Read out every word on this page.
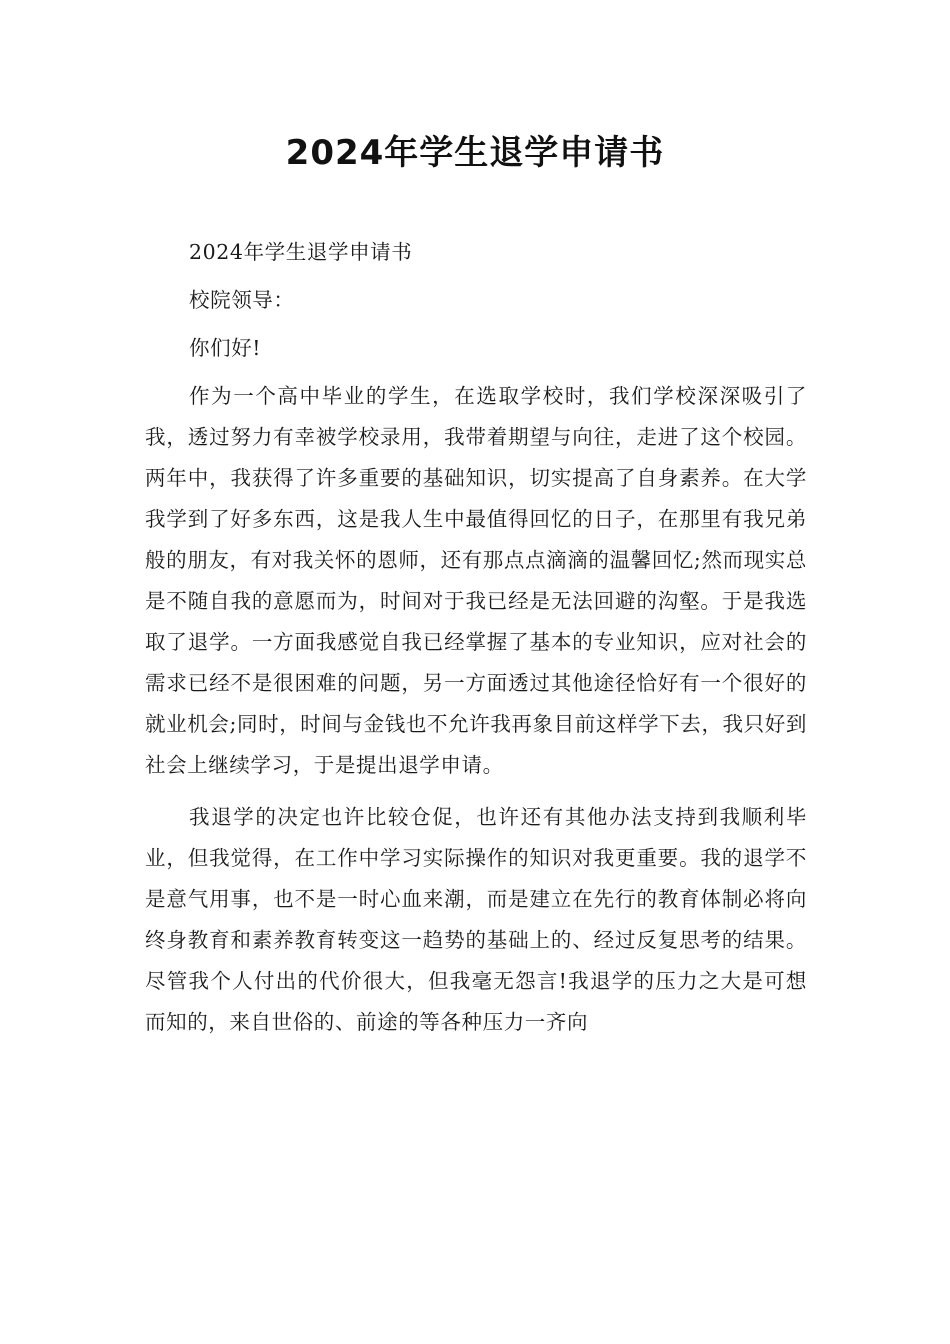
2024年学生退学申请书

2024年学生退学申请书

校院领导：

你们好!

作为一个高中毕业的学生，在选取学校时，我们学校深深吸引了我，透过努力有幸被学校录用，我带着期望与向往，走进了这个校园。两年中，我获得了许多重要的基础知识，切实提高了自身素养。在大学我学到了好多东西，这是我人生中最值得回忆的日子，在那里有我兄弟般的朋友，有对我关怀的恩师，还有那点点滴滴的温馨回忆;然而现实总是不随自我的意愿而为，时间对于我已经是无法回避的沟壑。于是我选取了退学。一方面我感觉自我已经掌握了基本的专业知识，应对社会的需求已经不是很困难的问题，另一方面透过其他途径恰好有一个很好的就业机会;同时，时间与金钱也不允许我再象目前这样学下去，我只好到社会上继续学习，于是提出退学申请。

我退学的决定也许比较仓促，也许还有其他办法支持到我顺利毕业，但我觉得，在工作中学习实际操作的知识对我更重要。我的退学不是意气用事，也不是一时心血来潮，而是建立在先行的教育体制必将向终身教育和素养教育转变这一趋势的基础上的、经过反复思考的结果。尽管我个人付出的代价很大，但我毫无怨言!我退学的压力之大是可想而知的，来自世俗的、前途的等各种压力一齐向
